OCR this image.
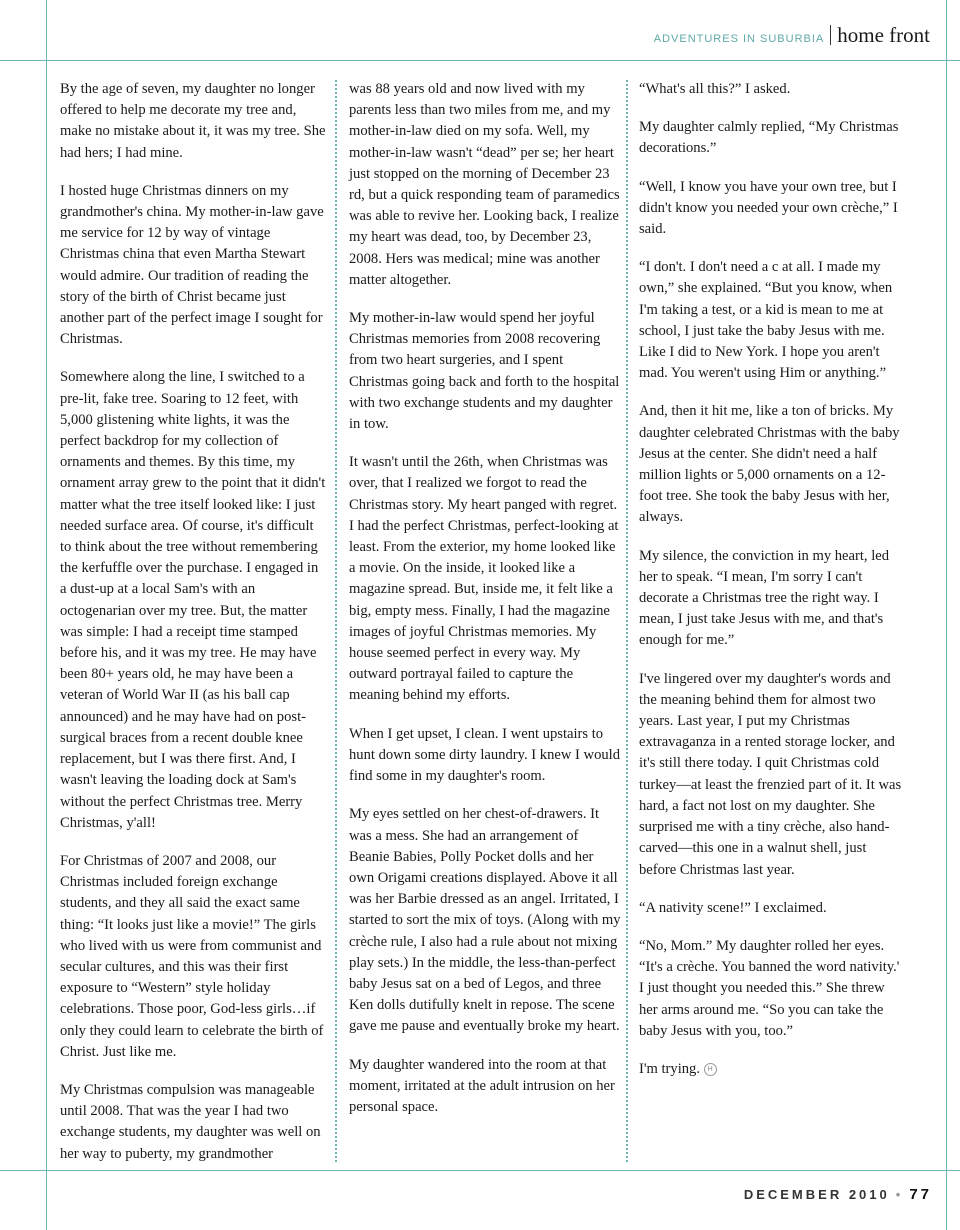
ADVENTURES IN SUBURBIA home front

By the age of seven, my daughter no longer offered to help me decorate my tree and, make no mistake about it, it was my tree. She had hers; I had mine.

I hosted huge Christmas dinners on my grandmother's china. My mother-in-law gave me service for 12 by way of vintage Christmas china that even Martha Stewart would admire. Our tradition of reading the story of the birth of Christ became just another part of the perfect image I sought for Christmas.

Somewhere along the line, I switched to a pre-lit, fake tree. Soaring to 12 feet, with 5,000 glistening white lights, it was the perfect backdrop for my collection of ornaments and themes. By this time, my ornament array grew to the point that it didn't matter what the tree itself looked like: I just needed surface area. Of course, it's difficult to think about the tree without remembering the kerfuffle over the purchase. I engaged in a dust-up at a local Sam's with an octogenarian over my tree. But, the matter was simple: I had a receipt time stamped before his, and it was my tree. He may have been 80+ years old, he may have been a veteran of World War II (as his ball cap announced) and he may have had on post-surgical braces from a recent double knee replacement, but I was there first. And, I wasn't leaving the loading dock at Sam's without the perfect Christmas tree. Merry Christmas, y'all!

For Christmas of 2007 and 2008, our Christmas included foreign exchange students, and they all said the exact same thing: “It looks just like a movie!” The girls who lived with us were from communist and secular cultures, and this was their first exposure to “Western” style holiday celebrations. Those poor, God-less girls…if only they could learn to celebrate the birth of Christ. Just like me.

My Christmas compulsion was manageable until 2008. That was the year I had two exchange students, my daughter was well on her way to puberty, my grandmother

was 88 years old and now lived with my parents less than two miles from me, and my mother-in-law died on my sofa. Well, my mother-in-law wasn't “dead” per se; her heart just stopped on the morning of December 23 rd, but a quick responding team of paramedics was able to revive her. Looking back, I realize my heart was dead, too, by December 23, 2008. Hers was medical; mine was another matter altogether.

My mother-in-law would spend her joyful Christmas memories from 2008 recovering from two heart surgeries, and I spent Christmas going back and forth to the hospital with two exchange students and my daughter in tow.

It wasn't until the 26th, when Christmas was over, that I realized we forgot to read the Christmas story. My heart panged with regret. I had the perfect Christmas, perfect-looking at least. From the exterior, my home looked like a movie. On the inside, it looked like a magazine spread. But, inside me, it felt like a big, empty mess. Finally, I had the magazine images of joyful Christmas memories. My house seemed perfect in every way. My outward portrayal failed to capture the meaning behind my efforts.

When I get upset, I clean. I went upstairs to hunt down some dirty laundry. I knew I would find some in my daughter's room.

My eyes settled on her chest-of-drawers. It was a mess. She had an arrangement of Beanie Babies, Polly Pocket dolls and her own Origami creations displayed. Above it all was her Barbie dressed as an angel. Irritated, I started to sort the mix of toys. (Along with my crèche rule, I also had a rule about not mixing play sets.) In the middle, the less-than-perfect baby Jesus sat on a bed of Legos, and three Ken dolls dutifully knelt in repose. The scene gave me pause and eventually broke my heart.

My daughter wandered into the room at that moment, irritated at the adult intrusion on her personal space.

“What's all this?” I asked.

My daughter calmly replied, “My Christmas decorations.”

“Well, I know you have your own tree, but I didn't know you needed your own crèche,” I said.

“I don't. I don't need a c at all. I made my own,” she explained. “But you know, when I'm taking a test, or a kid is mean to me at school, I just take the baby Jesus with me. Like I did to New York. I hope you aren't mad. You weren't using Him or anything.”

And, then it hit me, like a ton of bricks. My daughter celebrated Christmas with the baby Jesus at the center. She didn't need a half million lights or 5,000 ornaments on a 12-foot tree. She took the baby Jesus with her, always.

My silence, the conviction in my heart, led her to speak. “I mean, I'm sorry I can't decorate a Christmas tree the right way. I mean, I just take Jesus with me, and that's enough for me.”

I've lingered over my daughter's words and the meaning behind them for almost two years. Last year, I put my Christmas extravaganza in a rented storage locker, and it's still there today. I quit Christmas cold turkey—at least the frenzied part of it. It was hard, a fact not lost on my daughter. She surprised me with a tiny crèche, also hand-carved—this one in a walnut shell, just before Christmas last year.

“A nativity scene!” I exclaimed.

“No, Mom.” My daughter rolled her eyes. “It's a crèche. You banned the word nativity.' I just thought you needed this.” She threw her arms around me. “So you can take the baby Jesus with you, too.”

I'm trying. H

DECEMBER 2010 • 77
